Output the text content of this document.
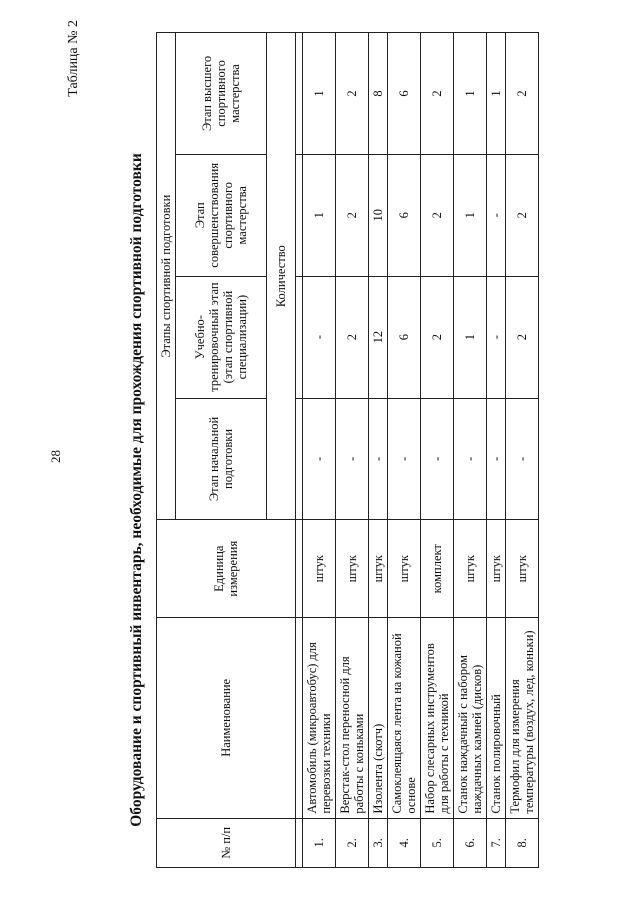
28
Таблица № 2
Оборудование и спортивный инвентарь, необходимые для прохождения спортивной подготовки
№ п/п	Наименование	Единица измерения	Этапы спортивной подготовки			
			Этап начальной подготовки	Учебно-тренировочный этап (этап спортивной специализации)	Этап совершенствования спортивного мастерства	Этап высшего спортивного мастерства
			Количество			

1.	Автомобиль (микроавтобус) для перевозки техники	штук	-	-	1	1
2.	Верстак-стол переносной для работы с коньками	штук	-	2	2	2
3.	Изолента (скотч)	штук	-	12	10	8
4.	Самоклеящаяся лента на кожаной основе	штук	-	6	6	6
5.	Набор слесарных инструментов для работы с техникой	комплект	-	2	2	2
6.	Станок наждачный с набором наждачных камней (дисков)	штук	-	1	1	1
7.	Станок полировочный	штук	-	-	-	1
8.	Термофил для измерения температуры (воздух, лед, коньки)	штук	-	2	2	2
